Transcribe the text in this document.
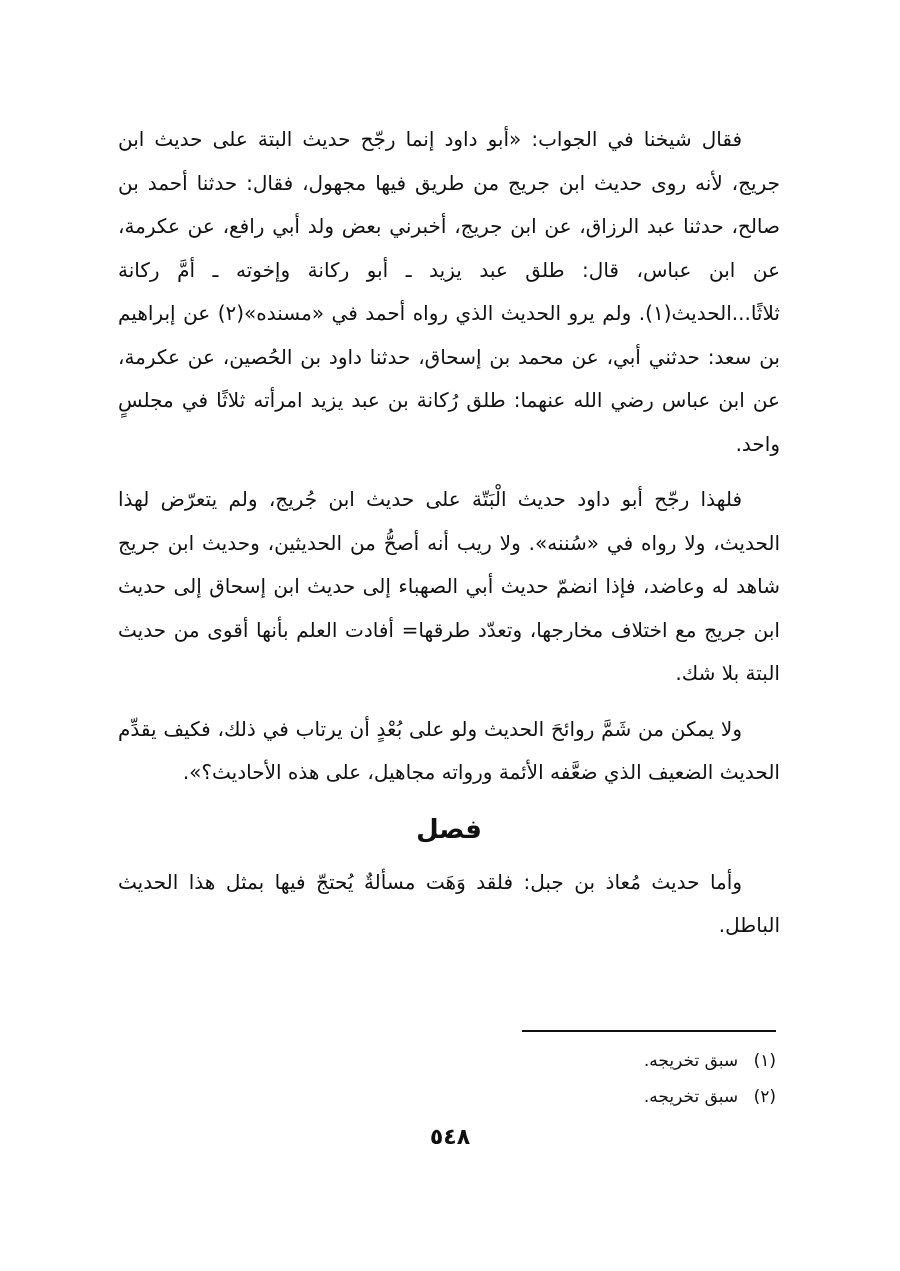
فقال شيخنا في الجواب: «أبو داود إنما رجّح حديث البتة على حديث ابن جريج، لأنه روى حديث ابن جريج من طريق فيها مجهول، فقال: حدثنا أحمد بن صالح، حدثنا عبد الرزاق، عن ابن جريج، أخبرني بعض ولد أبي رافع، عن عكرمة، عن ابن عباس، قال: طلق عبد يزيد ـ أبو ركانة وإخوته ـ أمَّ ركانة ثلاثًا...الحديث(١). ولم يرو الحديث الذي رواه أحمد في «مسنده»(٢) عن إبراهيم بن سعد: حدثني أبي، عن محمد بن إسحاق، حدثنا داود بن الحُصين، عن عكرمة، عن ابن عباس رضي الله عنهما: طلق رُكانة بن عبد يزيد امرأته ثلاثًا في مجلسٍ واحد.

فلهذا رجّح أبو داود حديث الْبَتّة على حديث ابن جُريج، ولم يتعرّض لهذا الحديث، ولا رواه في «سُننه». ولا ريب أنه أصحُّ من الحديثين، وحديث ابن جريج شاهد له وعاضد، فإذا انضمّ حديث أبي الصهباء إلى حديث ابن إسحاق إلى حديث ابن جريج مع اختلاف مخارجها، وتعدّد طرقها= أفادت العلم بأنها أقوى من حديث البتة بلا شك.

ولا يمكن من شَمَّ روائحَ الحديث ولو على بُعْدٍ أن يرتاب في ذلك، فكيف يقدِّم الحديث الضعيف الذي ضعَّفه الأئمة ورواته مجاهيل، على هذه الأحاديث؟».

فصل

وأما حديث مُعاذ بن جبل: فلقد وَهَت مسألةٌ يُحتجّ فيها بمثل هذا الحديث الباطل.

(١) سبق تخريجه.
(٢) سبق تخريجه.
٥٤٨
